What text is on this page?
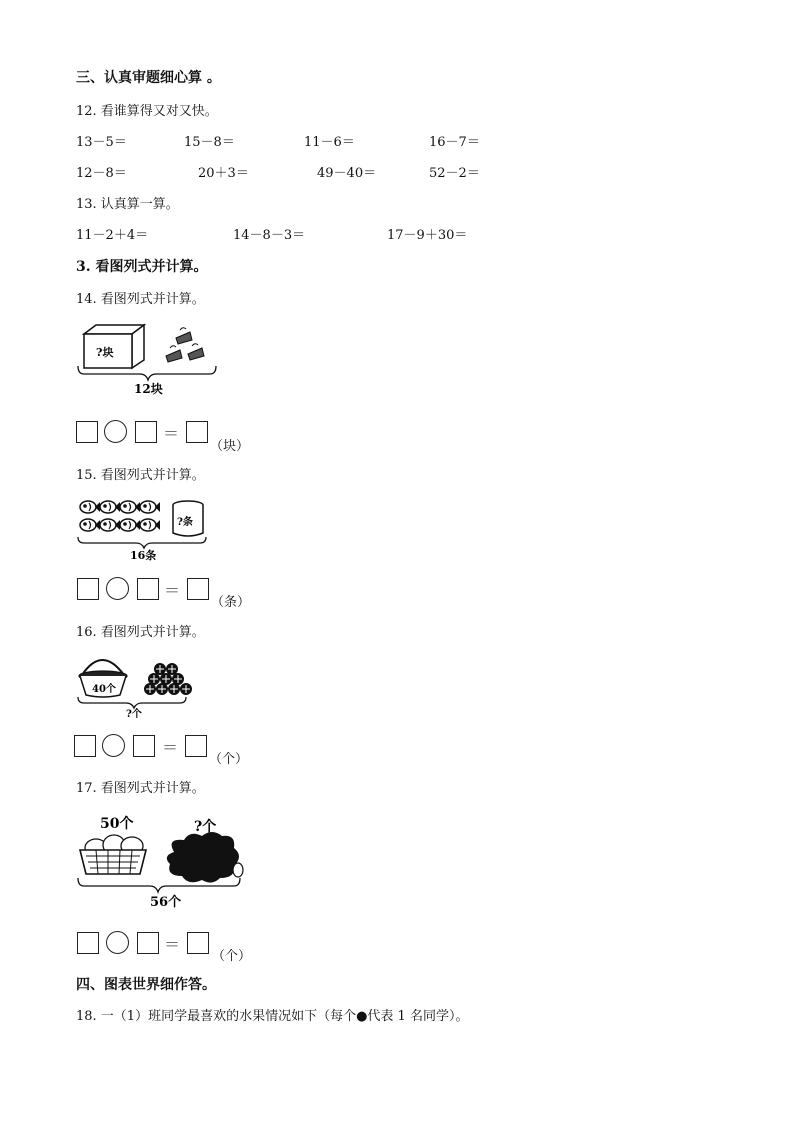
三、认真审题细心算 。
12. 看谁算得又对又快。
13－5＝	15－8＝	11－6＝	16－7＝
12－8＝	20＋3＝	49－40＝	52－2＝
13. 认真算一算。
11－2＋4＝	14－8－3＝	17－9＋30＝
3. 看图列式并计算。
14. 看图列式并计算。
?块
12块
＝
（块）
15. 看图列式并计算。
?条
16条
＝
（条）
16. 看图列式并计算。
40个
?个
＝
（个）
17. 看图列式并计算。
50个	?个
56个
＝
（个）
四、图表世界细作答。
18. 一（1）班同学最喜欢的水果情况如下（每个●代表 1 名同学）。
